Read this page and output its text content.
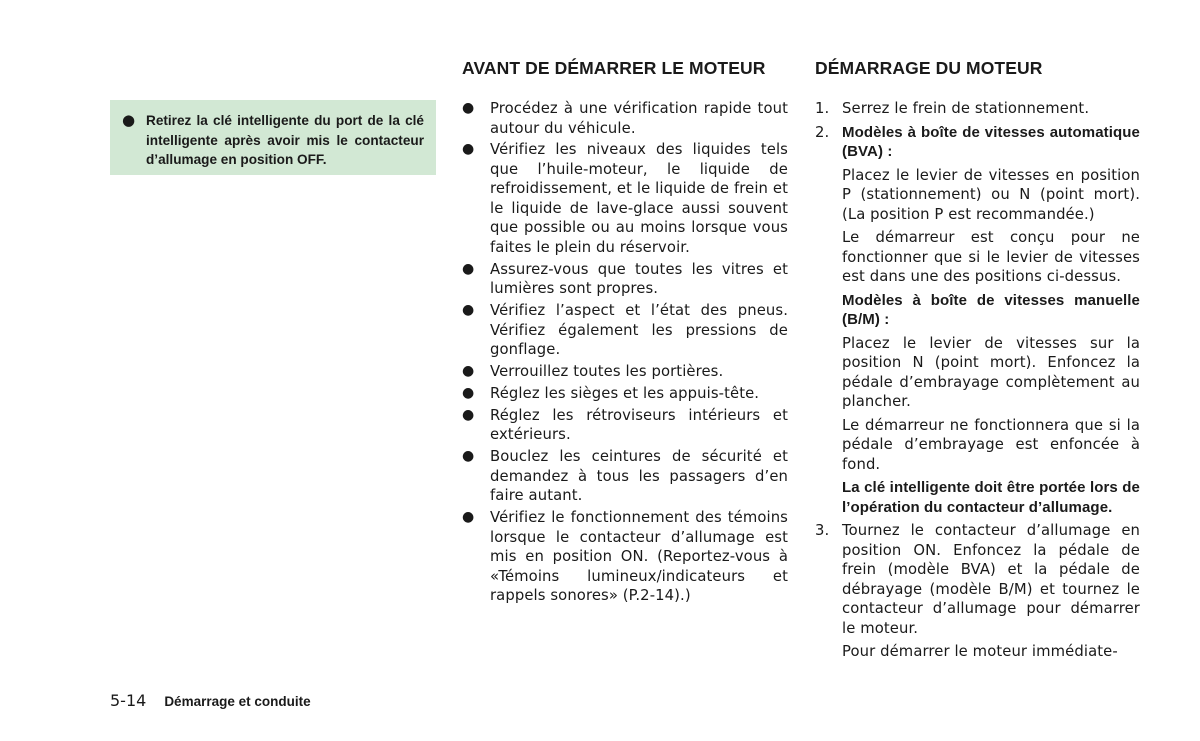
● Retirez la clé intelligente du port de la clé intelligente après avoir mis le contacteur d’allumage en position OFF.
AVANT DE DÉMARRER LE MOTEUR
●	Procédez à une vérification rapide tout autour du véhicule.
●	Vérifiez les niveaux des liquides tels que l’huile-moteur, le liquide de refroidissement, et le liquide de frein et le liquide de lave-glace aussi souvent que possible ou au moins lorsque vous faites le plein du réservoir.
●	Assurez-vous que toutes les vitres et lumières sont propres.
●	Vérifiez l’aspect et l’état des pneus. Vérifiez également les pressions de gonflage.
●	Verrouillez toutes les portières.
●	Réglez les sièges et les appuis-tête.
●	Réglez les rétroviseurs intérieurs et extérieurs.
●	Bouclez les ceintures de sécurité et demandez à tous les passagers d’en faire autant.
●	Vérifiez le fonctionnement des témoins lorsque le contacteur d’allumage est mis en position ON. (Reportez-vous à «Témoins lumineux/indicateurs et rappels sonores» (P.2-14).)
DÉMARRAGE DU MOTEUR
1. Serrez le frein de stationnement.

2. Modèles à boîte de vitesses automatique (BVA) :

Placez le levier de vitesses en position P (stationnement) ou N (point mort). (La position P est recommandée.)

Le démarreur est conçu pour ne fonctionner que si le levier de vitesses est dans une des positions ci-dessus.

Modèles à boîte de vitesses manuelle (B/M) :

Placez le levier de vitesses sur la position N (point mort). Enfoncez la pédale d’embrayage complètement au plancher.

Le démarreur ne fonctionnera que si la pédale d’embrayage est enfoncée à fond.

La clé intelligente doit être portée lors de l’opération du contacteur d’allumage.

3. Tournez le contacteur d’allumage en position ON. Enfoncez la pédale de frein (modèle BVA) et la pédale de débrayage (modèle B/M) et tournez le contacteur d’allumage pour démarrer le moteur.

Pour démarrer le moteur immédiate-

5-14 Démarrage et conduite
